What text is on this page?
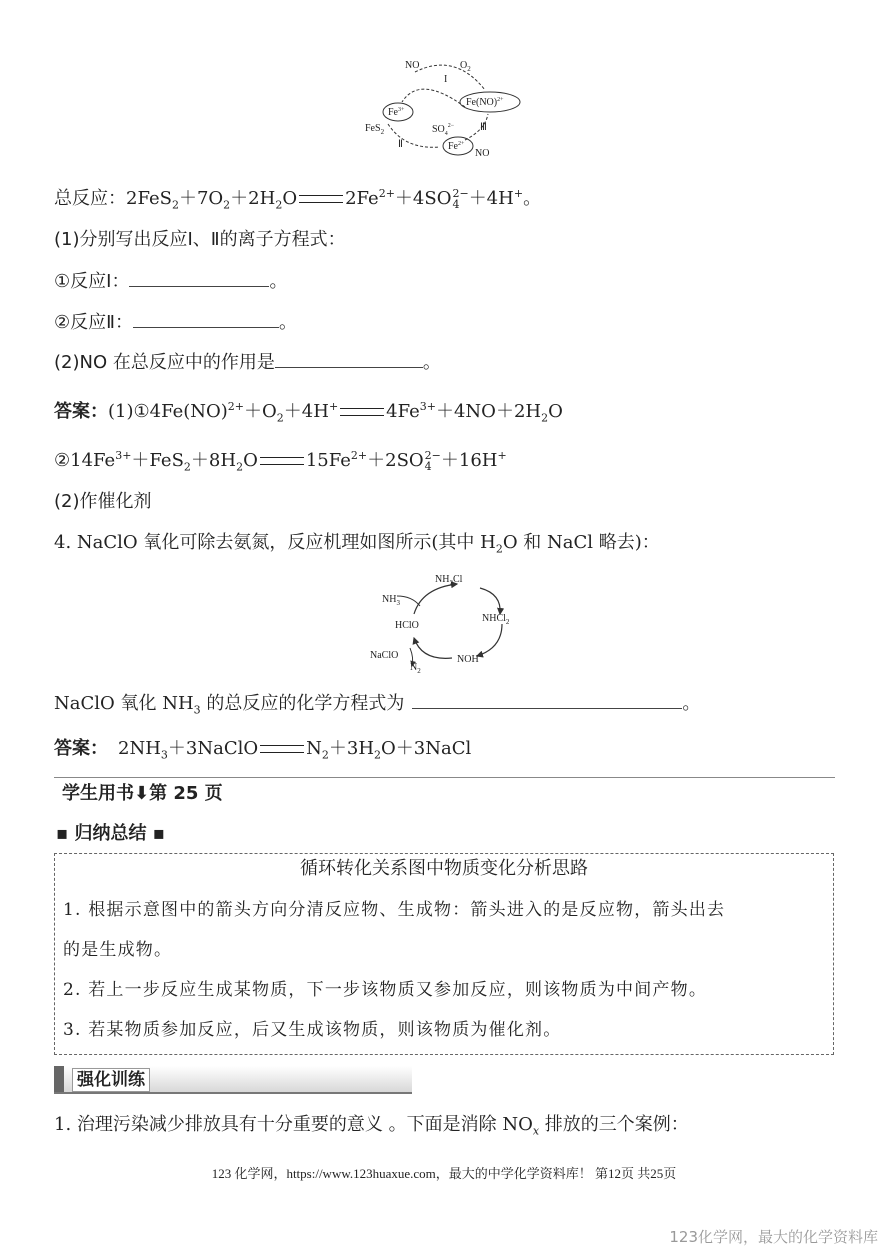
NO	$O_2$
I
$Fe^{3+}$
Fe(NO)$^{2+}$
FeS$_2$	$SO_4^{2-}$
Ⅱ
Ⅲ
$Fe^{2+}$
NO
总反应：$2FeS_2+7O_2+2H_2O$	$2Fe^{2+}+4SO$ 2−
4 ＋4H+。
(1)分别写出反应Ⅰ、Ⅱ的离子方程式：
①反应Ⅰ：	。
②反应Ⅱ：	。
(2)NO 在总反应中的作用是	。
答案：$(1)①4Fe(NO)^{2+}+O_2+4H^+$	$4Fe^{3+}+4NO+2H_2O$
$②14Fe^{3+}+FeS_2+8H_2O$	$15Fe^{2+}+2SO$ 2−
4 ＋16H+
(2)作催化剂
4. NaClO 氧化可除去氨氮，反应机理如图所示(其中 $H_2O$ 和 NaCl 略去)：
$NH_3$
$NH_2Cl$
NHCl$_2$
HClO
NaClO
$N_2$
NOH
NaClO 氧化 $NH_3$ 的总反应的化学方程式为	。
答案： $2NH_3+3NaClO$	$N_2+3H_2O+3NaCl$
学生用书⬇第 25 页
▪ 归纳总结 ▪
循环转化关系图中物质变化分析思路
1. 根据示意图中的箭头方向分清反应物、生成物：箭头进入的是反应物，箭头出去
的是生成物。
2. 若上一步反应生成某物质，下一步该物质又参加反应，则该物质为中间产物。
3. 若某物质参加反应，后又生成该物质，则该物质为催化剂。
强化训练
1. 治理污染减少排放具有十分重要的意义 。下面是消除 $NO_x$ 排放的三个案例：
123 化学网，https://www.123huaxue.com，最大的中学化学资料库！ 第12页 共25页
123化学网，最大的化学资料库
